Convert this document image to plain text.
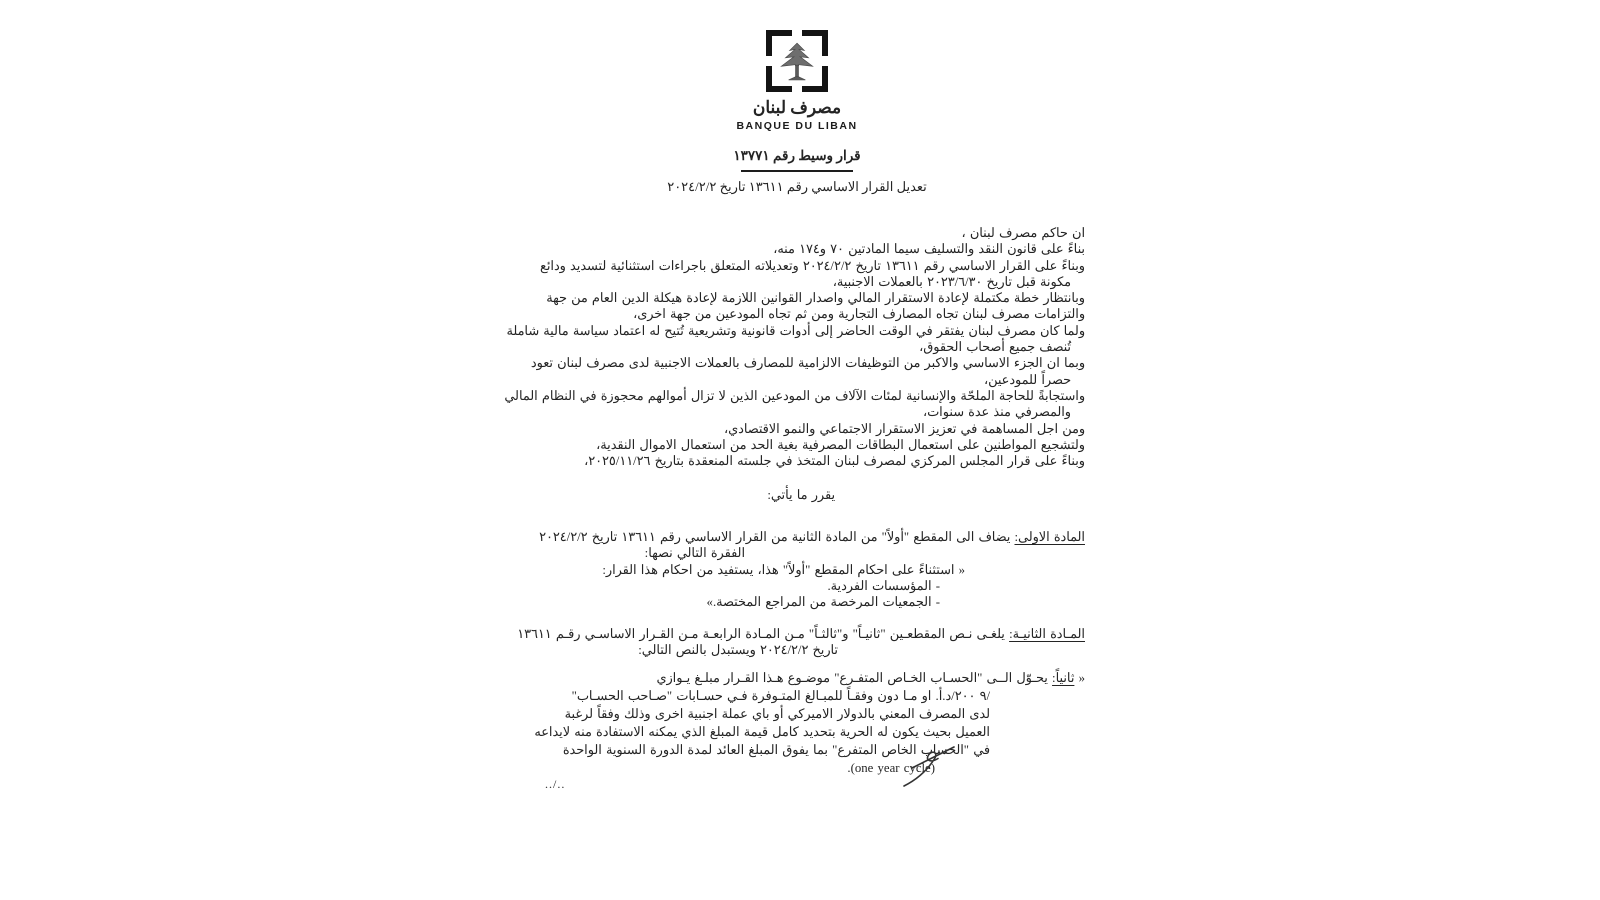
مصرف لبنان
BANQUE DU LIBAN
قرار وسيط رقم ١٣٧٧١
تعديل القرار الاساسي رقم ١٣٦١١ تاريخ ٢٠٢٤/٢/٢
ان حاكم مصرف لبنان ،
بناءً على قانون النقد والتسليف سيما المادتين ٧٠ و١٧٤ منه،
وبناءً على القرار الاساسي رقم ١٣٦١١ تاريخ ٢٠٢٤/٢/٢ وتعديلاته المتعلق باجراءات استثنائية لتسديد ودائع
مكونة قبل تاريخ ٢٠٢٣/٦/٣٠ بالعملات الاجنبية،
وبانتظار خطة مكتملة لإعادة الاستقرار المالي واصدار القوانين اللازمة لإعادة هيكلة الدين العام من جهة
والتزامات مصرف لبنان تجاه المصارف التجارية ومن ثم تجاه المودعين من جهة اخرى،
ولما كان مصرف لبنان يفتقر في الوقت الحاضر إلى أدوات قانونية وتشريعية تُتيح له اعتماد سياسة مالية شاملة
تُنصف جميع أصحاب الحقوق،
وبما ان الجزء الاساسي والاكبر من التوظيفات الالزامية للمصارف بالعملات الاجنبية لدى مصرف لبنان تعود
حصراً للمودعين،
واستجابةً للحاجة الملحّة والإنسانية لمئات الآلاف من المودعين الذين لا تزال أموالهم محجوزة في النظام المالي
والمصرفي منذ عدة سنوات،
ومن اجل المساهمة في تعزيز الاستقرار الاجتماعي والنمو الاقتصادي،
ولتشجيع المواطنين على استعمال البطاقات المصرفية بغية الحد من استعمال الاموال النقدية،
وبناءً على قرار المجلس المركزي لمصرف لبنان المتخذ في جلسته المنعقدة بتاريخ ٢٠٢٥/١١/٢٦،
يقرر ما يأتي:
المادة الاولى: يضاف الى المقطع "أولاً" من المادة الثانية من القرار الاساسي رقم ١٣٦١١ تاريخ ٢٠٢٤/٢/٢
الفقرة التالي نصها:
« استثناءً على احكام المقطع "أولاً" هذا، يستفيد من احكام هذا القرار:
- المؤسسات الفردية.
- الجمعيات المرخصة من المراجع المختصة.»
المـادة الثانيـة: يلغـى نـص المقطعـين "ثانيـاً" و"ثالثـاً" مـن المـادة الرابعـة مـن القـرار الاساسـي رقـم ١٣٦١١
تاريخ ٢٠٢٤/٢/٢ ويستبدل بالنص التالي:
« ثانياً: يحـوّل الــى "الحسـاب الخـاص المتفـرع" موضـوع هـذا القـرار مبلـغ يـوازي
/٩ ٢٠٠/د.أ. او مـا دون وفقـاً للمبـالغ المتـوفرة فـي حسـابات "صـاحب الحسـاب"
لدى المصرف المعني بالدولار الاميركي أو باي عملة اجنبية اخرى وذلك وفقاً لرغبة
العميل بحيث يكون له الحرية بتحديد كامل قيمة المبلغ الذي يمكنه الاستفادة منه لايداعه
في "الحساب الخاص المتفرع" بما يفوق المبلغ العائد لمدة الدورة السنوية الواحدة
(one year cycle).
../..
